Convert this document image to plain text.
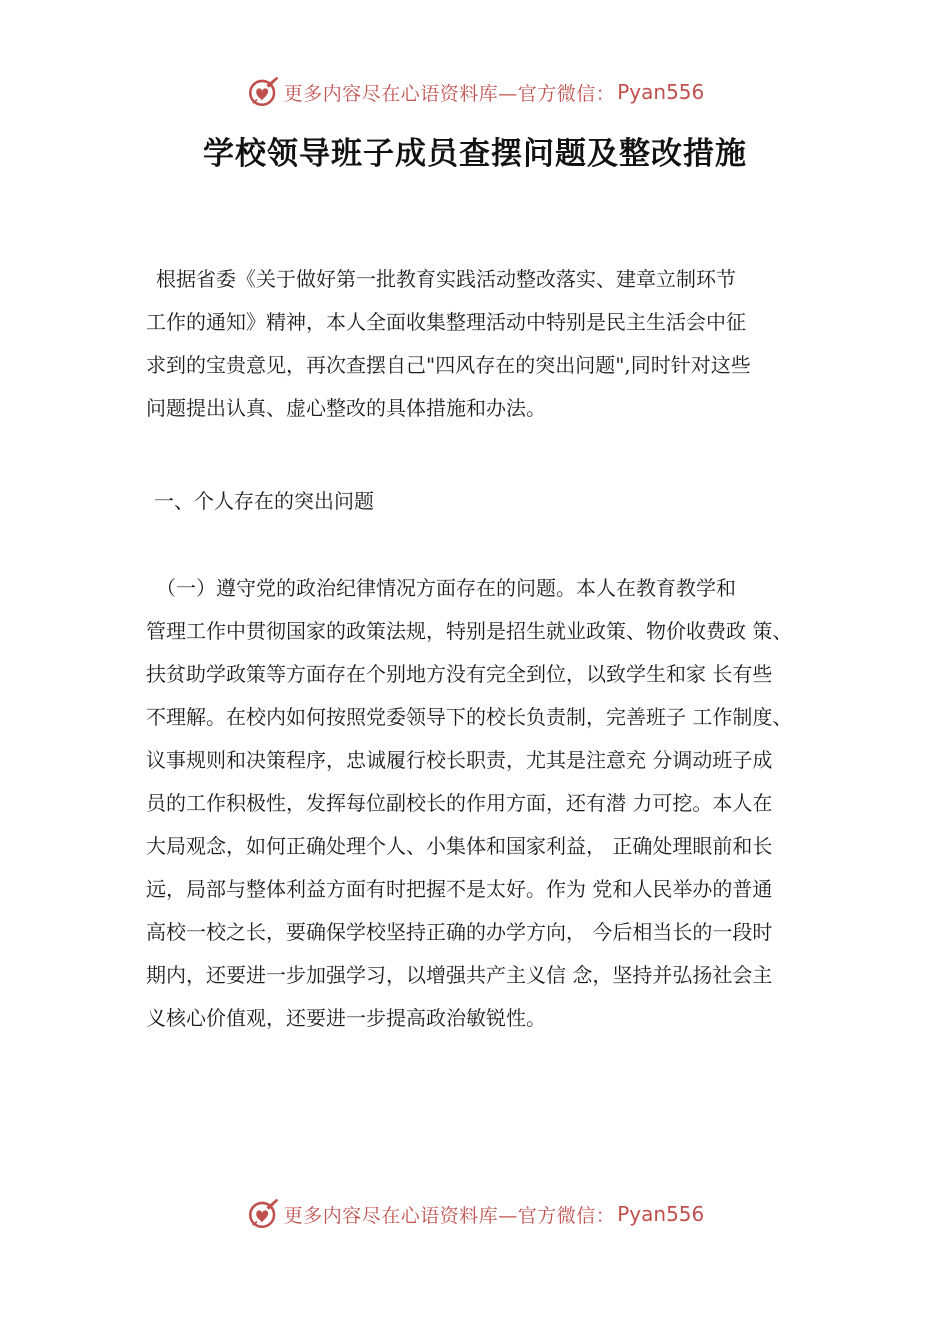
更多内容尽在心语资料库—官方微信： Pyan556
学校领导班子成员查摆问题及整改措施
根据省委《关于做好第一批教育实践活动整改落实、建章立制环节
工作的通知》精神，本人全面收集整理活动中特别是民主生活会中征
求到的宝贵意见，再次查摆自己"四风存在的突出问题",同时针对这些
问题提出认真、虚心整改的具体措施和办法。
一、个人存在的突出问题
（一）遵守党的政治纪律情况方面存在的问题。本人在教育教学和
管理工作中贯彻国家的政策法规，特别是招生就业政策、物价收费政 策、
扶贫助学政策等方面存在个别地方没有完全到位，以致学生和家 长有些
不理解。在校内如何按照党委领导下的校长负责制，完善班子 工作制度、
议事规则和决策程序，忠诚履行校长职责，尤其是注意充 分调动班子成
员的工作积极性，发挥每位副校长的作用方面，还有潜 力可挖。本人在
大局观念，如何正确处理个人、小集体和国家利益， 正确处理眼前和长
远，局部与整体利益方面有时把握不是太好。作为 党和人民举办的普通
高校一校之长，要确保学校坚持正确的办学方向， 今后相当长的一段时
期内，还要进一步加强学习，以增强共产主义信 念，坚持并弘扬社会主
义核心价值观，还要进一步提高政治敏锐性。
更多内容尽在心语资料库—官方微信： Pyan556
